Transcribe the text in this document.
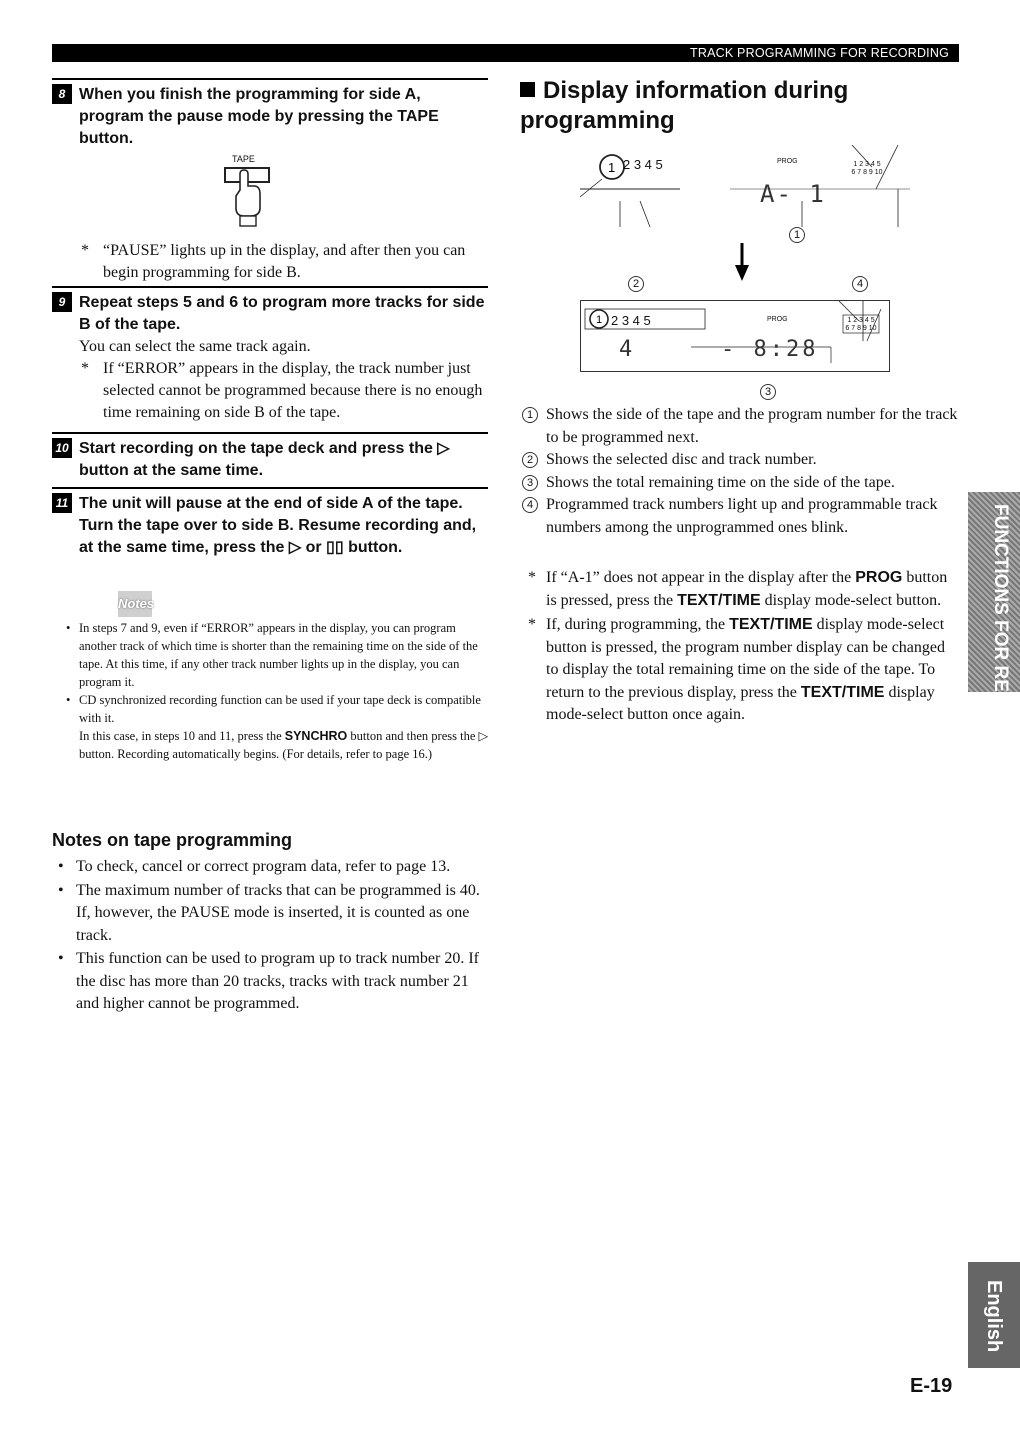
TRACK PROGRAMMING FOR RECORDING
8 When you finish the programming for side A, program the pause mode by pressing the TAPE button.
TAPE
* “PAUSE” lights up in the display, and after then you can begin programming for side B.
9 Repeat steps 5 and 6 to program more tracks for side B of the tape.
You can select the same track again.
* If “ERROR” appears in the display, the track number just selected cannot be programmed because there is no enough time remaining on side B of the tape.
10 Start recording on the tape deck and press the ▷ button at the same time.
11 The unit will pause at the end of side A of the tape. Turn the tape over to side B. Resume recording and, at the same time, press the ▷ or ▯▯ button.
Notes
• In steps 7 and 9, even if “ERROR” appears in the display, you can program another track of which time is shorter than the remaining time on the side of the tape. At this time, if any other track number lights up in the display, you can program it.
• CD synchronized recording function can be used if your tape deck is compatible with it.
In this case, in steps 10 and 11, press the SYNCHRO button and then press the ▷ button. Recording automatically begins. (For details, refer to page 16.)
Notes on tape programming
• To check, cancel or correct program data, refer to page 13.
• The maximum number of tracks that can be programmed is 40. If, however, the PAUSE mode is inserted, it is counted as one track.
• This function can be used to program up to track number 20. If the disc has more than 20 tracks, tracks with track number 21 and higher cannot be programmed.
Display information during programming
1 2 3 4 5	PROG	1 2 3 4 5
6 7 8 9 10
A- 1
1
2	4
1 2 3 4 5	PROG	1 2 3 4 5
6 7 8 9 10
4	- 8:28
3
1 Shows the side of the tape and the program number for the track to be programmed next.
2 Shows the selected disc and track number.
3 Shows the total remaining time on the side of the tape.
4 Programmed track numbers light up and programmable track numbers among the unprogrammed ones blink.
* If “A-1” does not appear in the display after the PROG button is pressed, press the TEXT/TIME display mode-select button.
* If, during programming, the TEXT/TIME display mode-select button is pressed, the program number display can be changed to display the total remaining time on the side of the tape. To return to the previous display, press the TEXT/TIME display mode-select button once again.	FUNCTIONS FOR RECORDING
English
E-19
